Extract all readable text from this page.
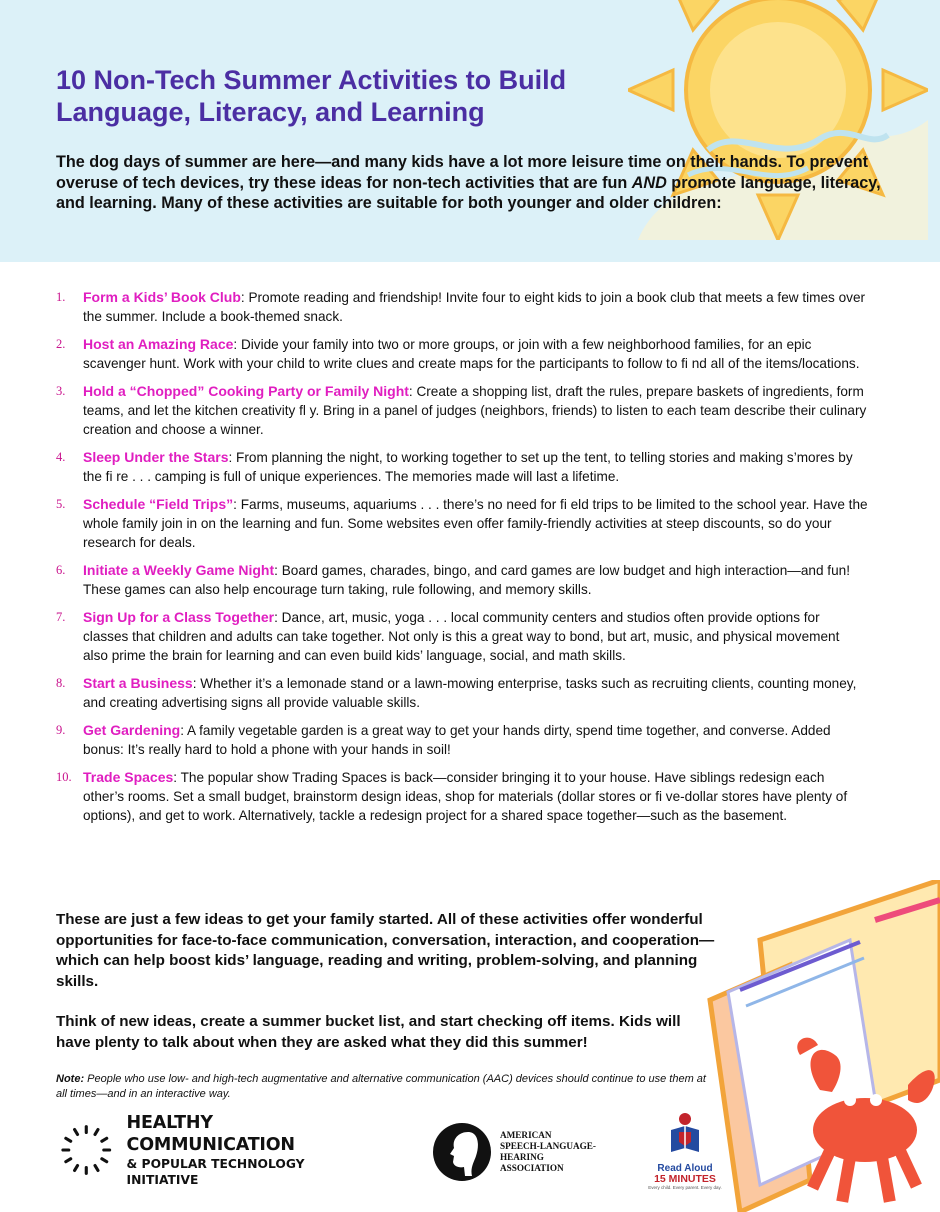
10 Non-Tech Summer Activities to Build Language, Literacy, and Learning

The dog days of summer are here—and many kids have a lot more leisure time on their hands. To prevent overuse of tech devices, try these ideas for non-tech activities that are fun AND promote language, literacy, and learning. Many of these activities are suitable for both younger and older children:

1.	Form a Kids’ Book Club: Promote reading and friendship! Invite four to eight kids to join a book club that meets a few times over the summer. Include a book-themed snack.
2.	Host an Amazing Race: Divide your family into two or more groups, or join with a few neighborhood families, for an epic scavenger hunt. Work with your child to write clues and create maps for the participants to follow to fi nd all of the items/locations.
3.	Hold a “Chopped” Cooking Party or Family Night: Create a shopping list, draft the rules, prepare baskets of ingredients, form teams, and let the kitchen creativity fl y. Bring in a panel of judges (neighbors, friends) to listen to each team describe their culinary creation and choose a winner.
4.	Sleep Under the Stars: From planning the night, to working together to set up the tent, to telling stories and making s’mores by the fi re . . . camping is full of unique experiences. The memories made will last a lifetime.
5.	Schedule “Field Trips”: Farms, museums, aquariums . . . there’s no need for fi eld trips to be limited to the school year. Have the whole family join in on the learning and fun. Some websites even offer family-friendly activities at steep discounts, so do your research for deals.
6.	Initiate a Weekly Game Night: Board games, charades, bingo, and card games are low budget and high interaction—and fun! These games can also help encourage turn taking, rule following, and memory skills.
7.	Sign Up for a Class Together: Dance, art, music, yoga . . . local community centers and studios often provide options for classes that children and adults can take together. Not only is this a great way to bond, but art, music, and physical movement also prime the brain for learning and can even build kids’ language, social, and math skills.
8.	Start a Business: Whether it’s a lemonade stand or a lawn-mowing enterprise, tasks such as recruiting clients, counting money, and creating advertising signs all provide valuable skills.
9.	Get Gardening: A family vegetable garden is a great way to get your hands dirty, spend time together, and converse. Added bonus: It’s really hard to hold a phone with your hands in soil!
10. Trade Spaces: The popular show Trading Spaces is back—consider bringing it to your house. Have siblings redesign each other’s rooms. Set a small budget, brainstorm design ideas, shop for materials (dollar stores or fi ve-dollar stores have plenty of options), and get to work. Alternatively, tackle a redesign project for a shared space together—such as the basement.

These are just a few ideas to get your family started. All of these activities offer wonderful opportunities for face-to-face communication, conversation, interaction, and cooperation—which can help boost kids’ language, reading and writing, problem-solving, and planning skills.

Think of new ideas, create a summer bucket list, and start checking off items. Kids will have plenty to talk about when they are asked what they did this summer!

Note: People who use low- and high-tech augmentative and alternative communication (AAC) devices should continue to use them at all times—and in an interactive way.

HEALTHY COMMUNICATION
& POPULAR TECHNOLOGY INITIATIVE
AMERICAN
SPEECH-LANGUAGE-
HEARING
ASSOCIATION	Read Aloud
15 MINUTES
Every child. Every parent. Every day.
